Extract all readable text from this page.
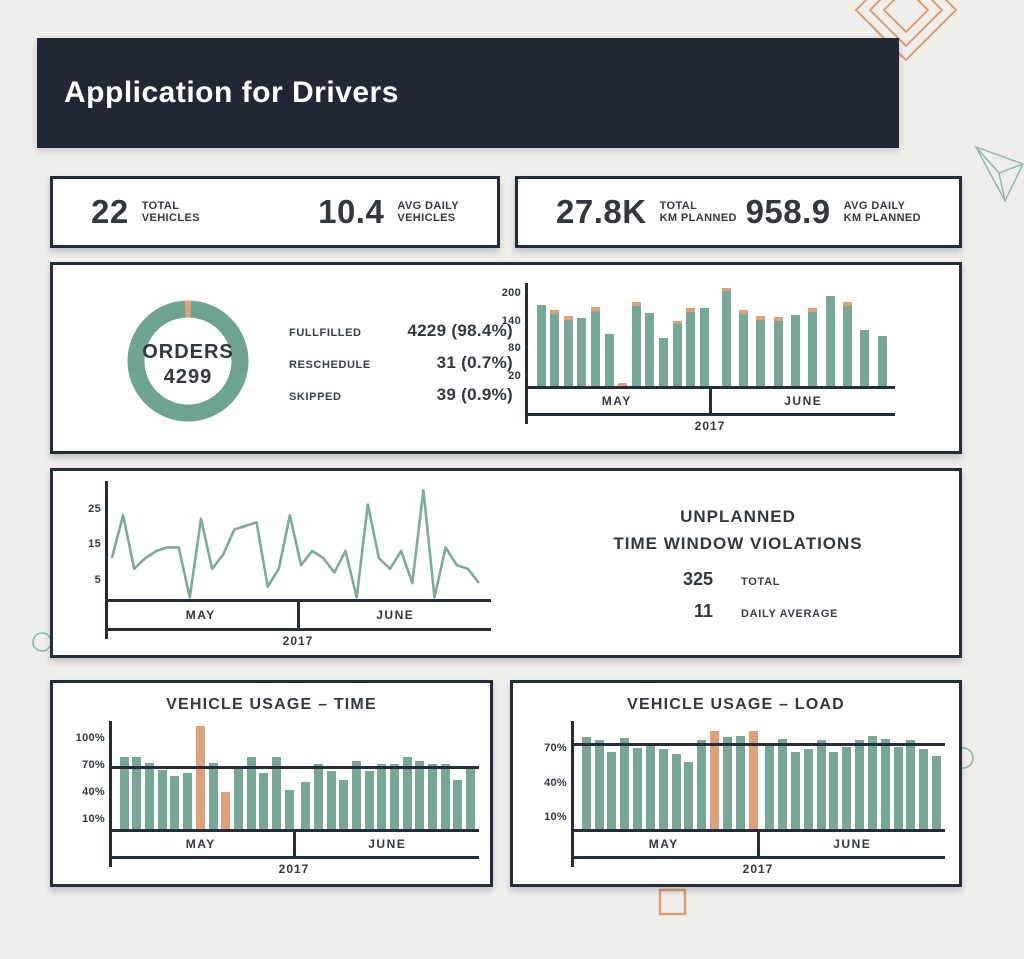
Application for Drivers
22 TOTAL
VEHICLES	10.4 AVG DAILY
VEHICLES	27.8K TOTAL
KM PLANNED 958.9 AVG DAILY
KM PLANNED
ORDERS
4299
FULLFILLED	4229 (98.4%)
RESCHEDULE	31 (0.7%)
SKIPPED	39 (0.9%)
20
80
140
200
MAY	JUNE
2017
5
15
25
MAY	JUNE
2017
UNPLANNED
TIME WINDOW VIOLATIONS
325	TOTAL
11	DAILY AVERAGE
VEHICLE USAGE – TIME
10%
40%
70%
100%
MAY	JUNE
2017
VEHICLE USAGE – LOAD
10%
40%
70%
MAY	JUNE
2017
